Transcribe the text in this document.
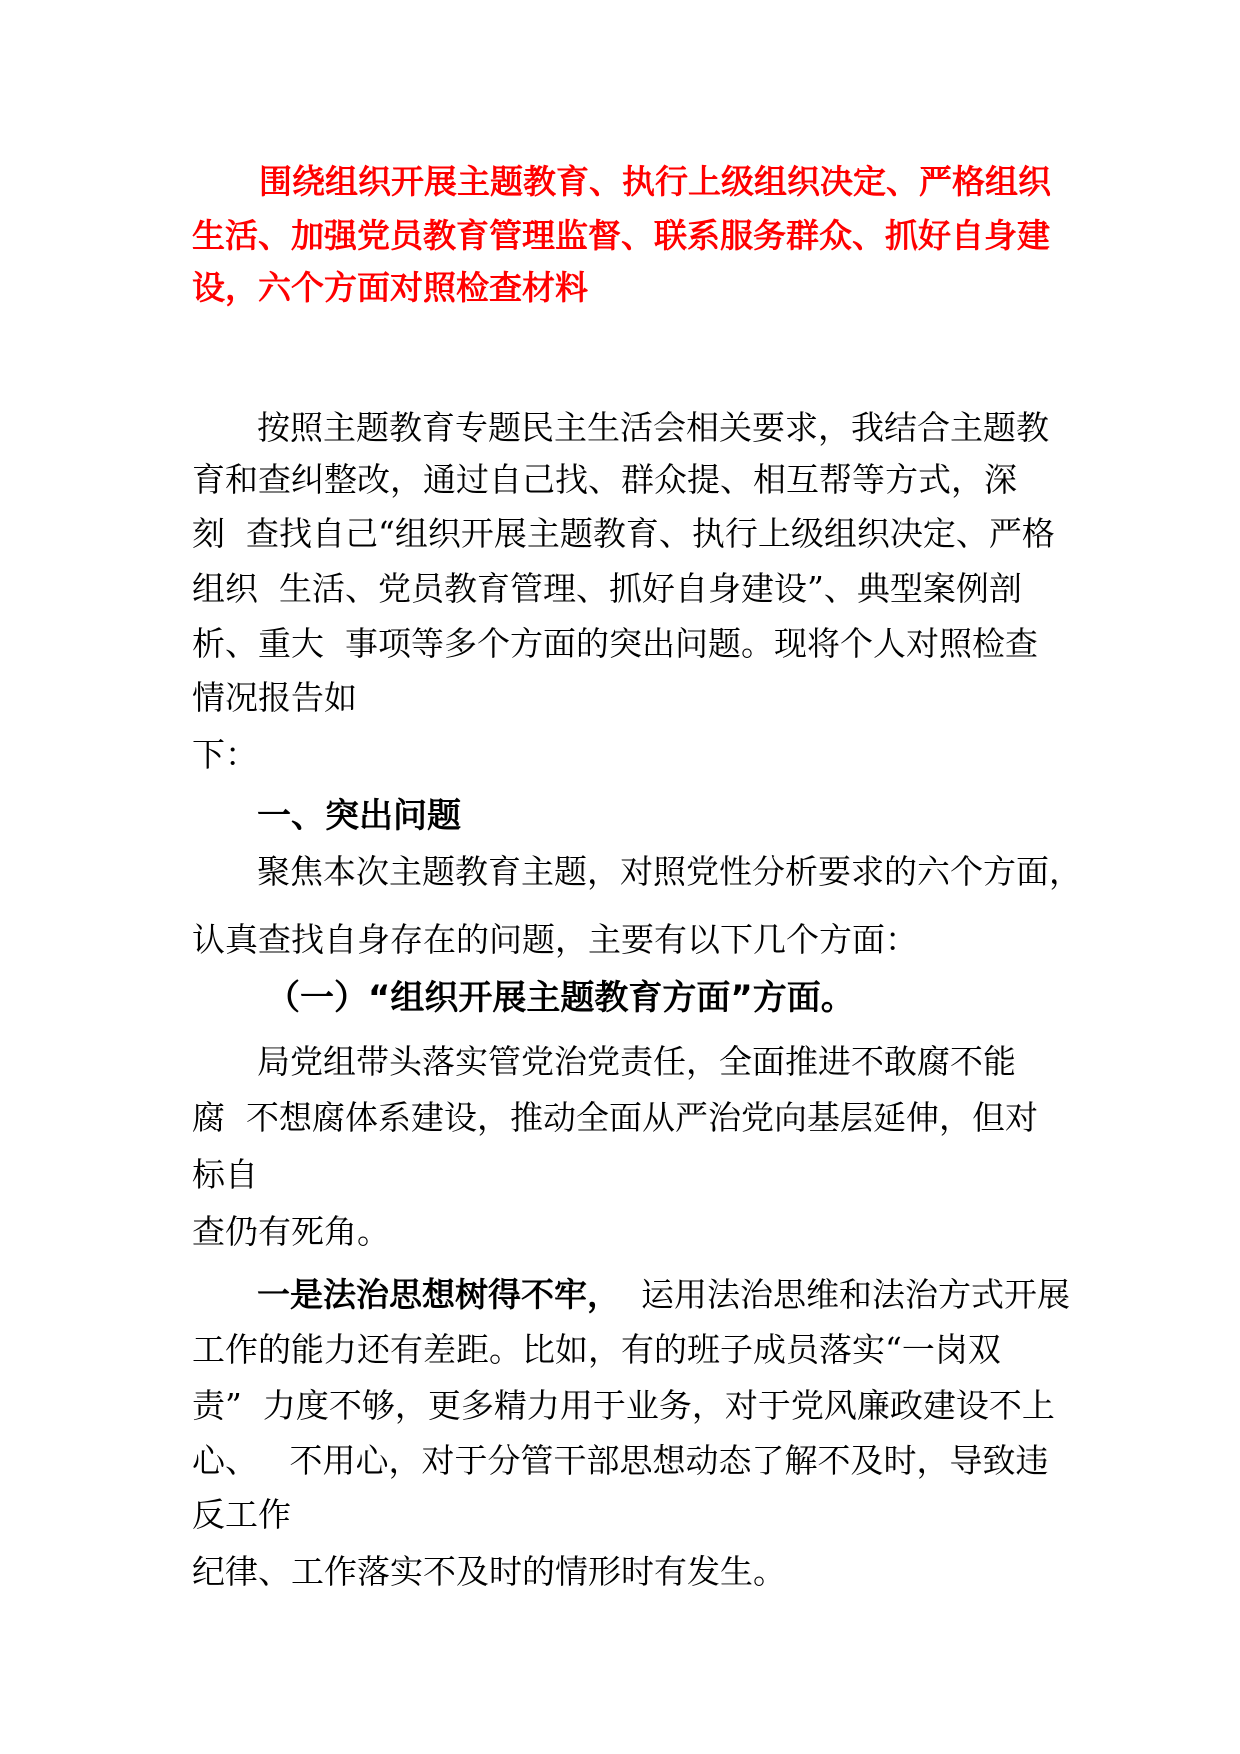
围绕组织开展主题教育、执行上级组织决定、严格组织
生活、加强党员教育管理监督、联系服务群众、抓好自身建
设，六个方面对照检查材料
按照主题教育专题民主生活会相关要求，我结合主题教
育和查纠整改，通过自己找、群众提、相互帮等方式，深
刻  查找自己“组织开展主题教育、执行上级组织决定、严格
组织  生活、党员教育管理、抓好自身建设”、典型案例剖
析、重大  事项等多个方面的突出问题。现将个人对照检查
情况报告如
下：
一、突出问题
聚焦本次主题教育主题，对照党性分析要求的六个方面，
认真查找自身存在的问题，主要有以下几个方面：
（一）“组织开展主题教育方面”方面。
局党组带头落实管党治党责任，全面推进不敢腐不能
腐  不想腐体系建设，推动全面从严治党向基层延伸，但对
标自
查仍有死角。
一是法治思想树得不牢，  运用法治思维和法治方式开展
工作的能力还有差距。比如，有的班子成员落实“一岗双
责”  力度不够，更多精力用于业务，对于党风廉政建设不上
心、   不用心，对于分管干部思想动态了解不及时，导致违
反工作
纪律、工作落实不及时的情形时有发生。
